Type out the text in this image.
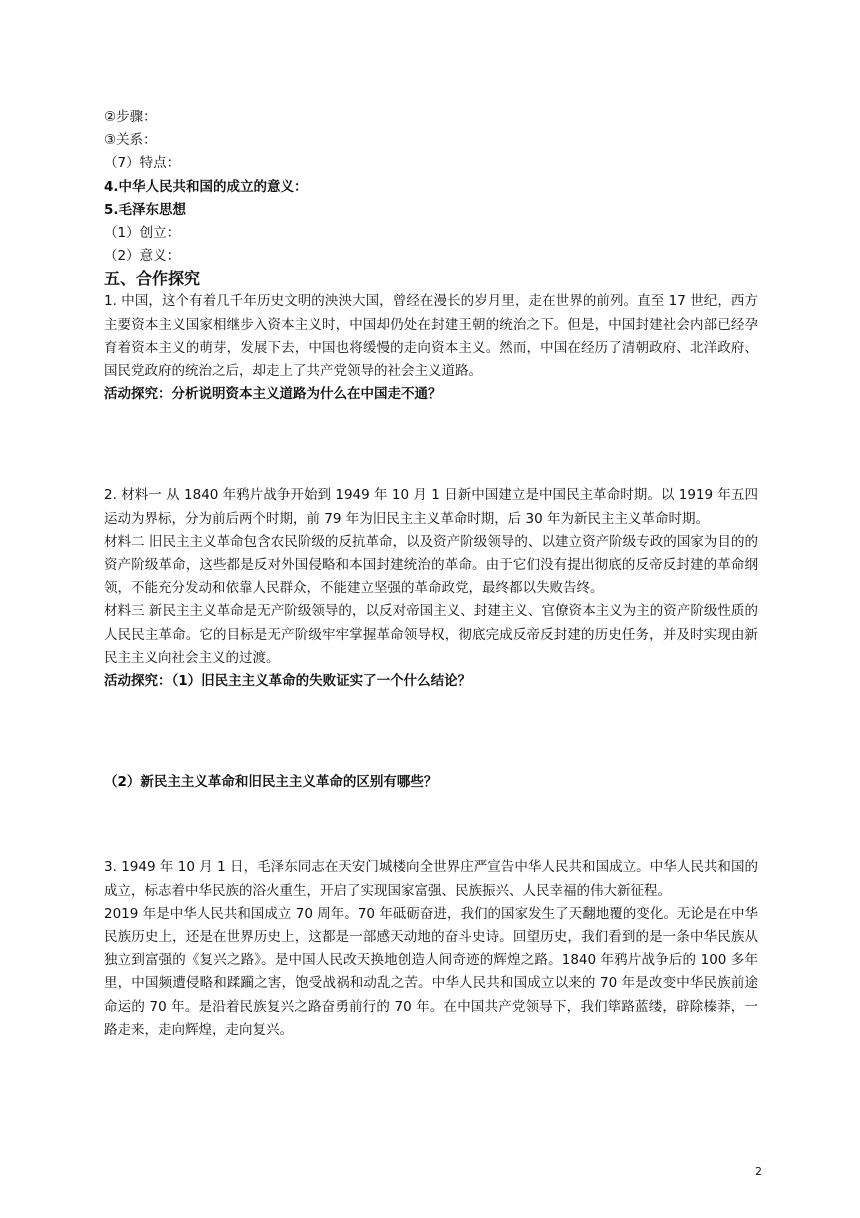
②步骤：

③关系：

（7）特点：

4.中华人民共和国的成立的意义：

5.毛泽东思想

（1）创立：

（2）意义：

五、合作探究

1. 中国，这个有着几千年历史文明的泱泱大国，曾经在漫长的岁月里，走在世界的前列。直至 17 世纪，西方主要资本主义国家相继步入资本主义时，中国却仍处在封建王朝的统治之下。但是，中国封建社会内部已经孕育着资本主义的萌芽，发展下去，中国也将缓慢的走向资本主义。然而，中国在经历了清朝政府、北洋政府、国民党政府的统治之后，却走上了共产党领导的社会主义道路。

活动探究：分析说明资本主义道路为什么在中国走不通？

2. 材料一 从 1840 年鸦片战争开始到 1949 年 10 月 1 日新中国建立是中国民主革命时期。以 1919 年五四运动为界标，分为前后两个时期，前 79 年为旧民主主义革命时期，后 30 年为新民主主义革命时期。

材料二 旧民主主义革命包含农民阶级的反抗革命，以及资产阶级领导的、以建立资产阶级专政的国家为目的的资产阶级革命，这些都是反对外国侵略和本国封建统治的革命。由于它们没有提出彻底的反帝反封建的革命纲领，不能充分发动和依靠人民群众，不能建立坚强的革命政党，最终都以失败告终。

材料三 新民主主义革命是无产阶级领导的，以反对帝国主义、封建主义、官僚资本主义为主的资产阶级性质的人民民主革命。它的目标是无产阶级牢牢掌握革命领导权，彻底完成反帝反封建的历史任务，并及时实现由新民主主义向社会主义的过渡。

活动探究：（1）旧民主主义革命的失败证实了一个什么结论？

（2）新民主主义革命和旧民主主义革命的区别有哪些？

3. 1949 年 10 月 1 日，毛泽东同志在天安门城楼向全世界庄严宣告中华人民共和国成立。中华人民共和国的成立，标志着中华民族的浴火重生，开启了实现国家富强、民族振兴、人民幸福的伟大新征程。

2019 年是中华人民共和国成立 70 周年。70 年砥砺奋进，我们的国家发生了天翻地覆的变化。无论是在中华民族历史上，还是在世界历史上，这都是一部感天动地的奋斗史诗。回望历史，我们看到的是一条中华民族从独立到富强的《复兴之路》。是中国人民改天换地创造人间奇迹的辉煌之路。1840 年鸦片战争后的 100 多年里，中国频遭侵略和蹂躏之害，饱受战祸和动乱之苦。中华人民共和国成立以来的 70 年是改变中华民族前途命运的 70 年。是沿着民族复兴之路奋勇前行的 70 年。在中国共产党领导下，我们筚路蓝缕，辟除榛莽，一路走来，走向辉煌，走向复兴。

2
